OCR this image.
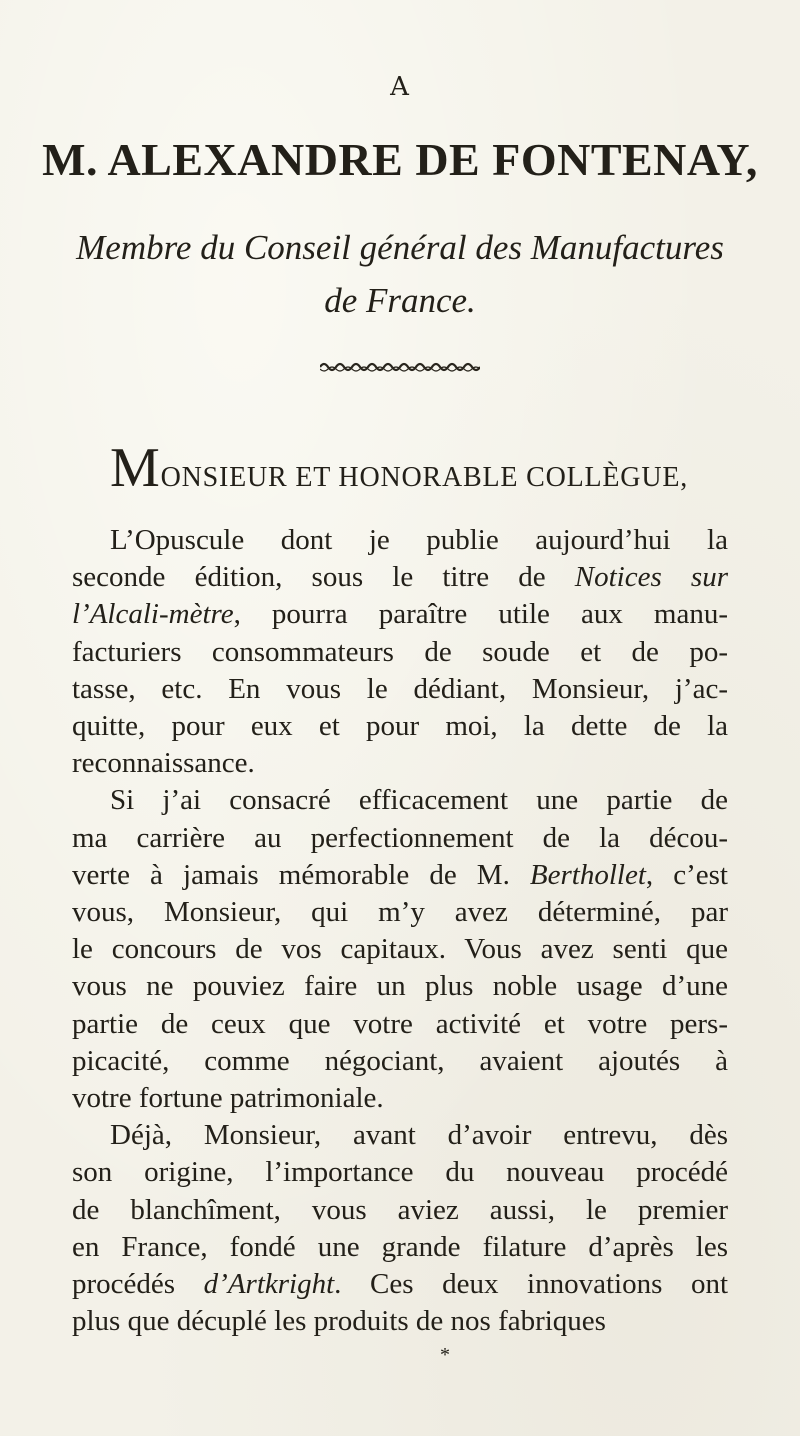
A
M. ALEXANDRE DE FONTENAY,
Membre du Conseil général des Manufactures
de France.
MONSIEUR ET HONORABLE COLLÈGUE,
L’Opuscule dont je publie aujourd’hui la
seconde édition, sous le titre de Notices sur
l’Alcali-mètre, pourra paraître utile aux manu-
facturiers consommateurs de soude et de po-
tasse, etc. En vous le dédiant, Monsieur, j’ac-
quitte, pour eux et pour moi, la dette de la
reconnaissance.
Si j’ai consacré efficacement une partie de
ma carrière au perfectionnement de la décou-
verte à jamais mémorable de M. Berthollet, c’est
vous, Monsieur, qui m’y avez déterminé, par
le concours de vos capitaux. Vous avez senti que
vous ne pouviez faire un plus noble usage d’une
partie de ceux que votre activité et votre pers-
picacité, comme négociant, avaient ajoutés à
votre fortune patrimoniale.
Déjà, Monsieur, avant d’avoir entrevu, dès
son origine, l’importance du nouveau procédé
de blanchîment, vous aviez aussi, le premier
en France, fondé une grande filature d’après les
procédés d’Artkright. Ces deux innovations ont
plus que décuplé les produits de nos fabriques
*
